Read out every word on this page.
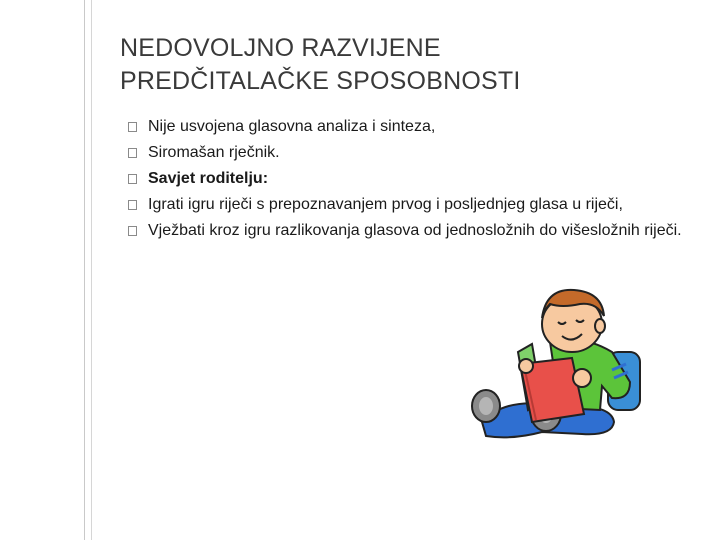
NEDOVOLJNO RAZVIJENE
PREDČITALAČKE SPOSOBNOSTI
Nije usvojena glasovna analiza i sinteza,
Siromašan rječnik.
Savjet roditelju:
Igrati igru riječi s prepoznavanjem prvog i posljednjeg glasa u riječi,
Vježbati kroz igru razlikovanja glasova od jednosložnih do višesložnih riječi.
